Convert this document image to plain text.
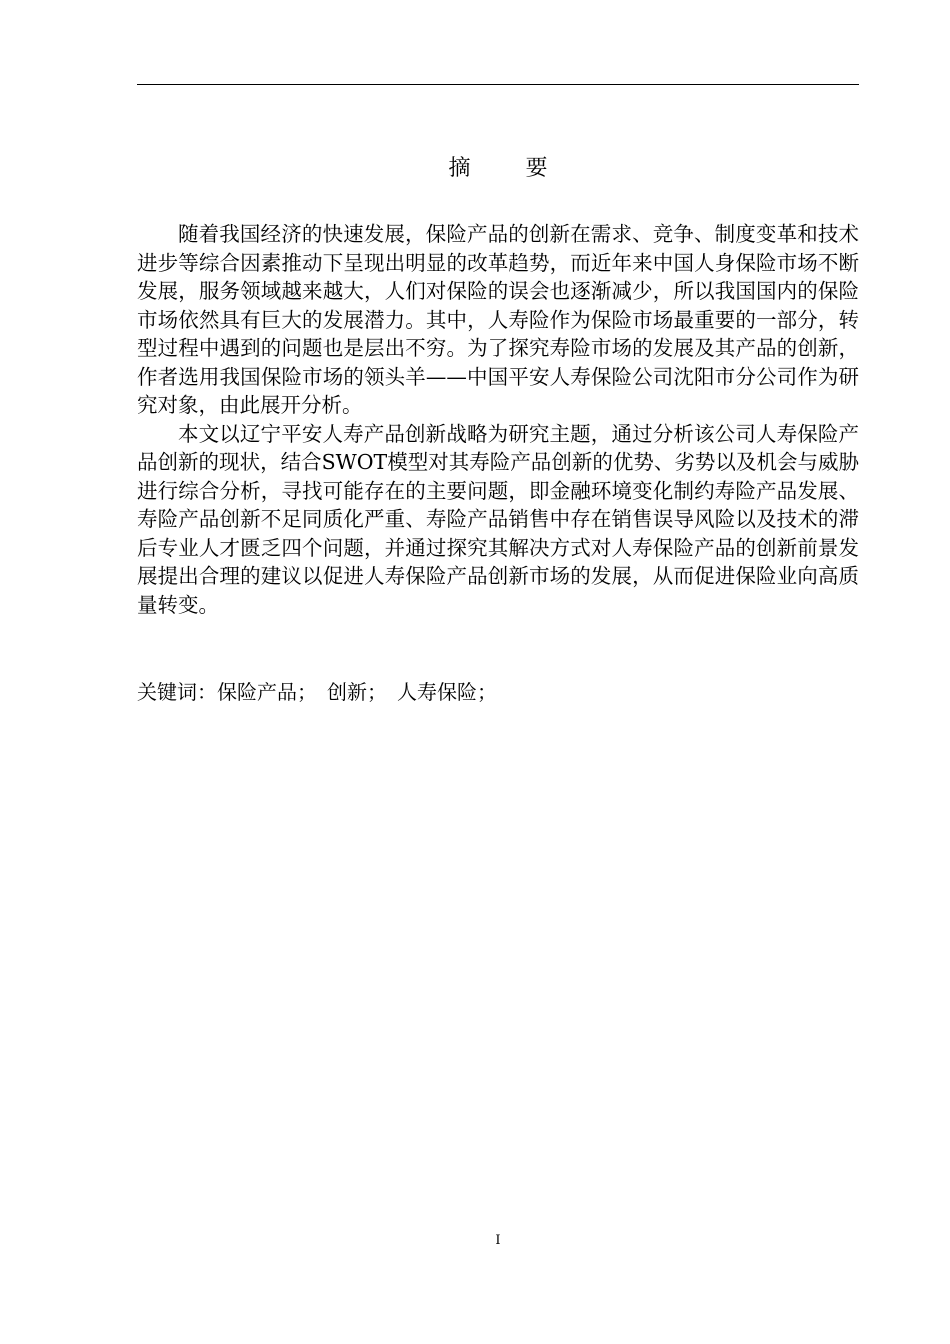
摘 要

随着我国经济的快速发展，保险产品的创新在需求、竞争、制度变革和技术进步等综合因素推动下呈现出明显的改革趋势，而近年来中国人身保险市场不断发展，服务领域越来越大，人们对保险的误会也逐渐减少，所以我国国内的保险市场依然具有巨大的发展潜力。其中，人寿险作为保险市场最重要的一部分，转型过程中遇到的问题也是层出不穷。为了探究寿险市场的发展及其产品的创新，作者选用我国保险市场的领头羊——中国平安人寿保险公司沈阳市分公司作为研究对象，由此展开分析。

本文以辽宁平安人寿产品创新战略为研究主题，通过分析该公司人寿保险产品创新的现状，结合SWOT模型对其寿险产品创新的优势、劣势以及机会与威胁进行综合分析，寻找可能存在的主要问题，即金融环境变化制约寿险产品发展、寿险产品创新不足同质化严重、寿险产品销售中存在销售误导风险以及技术的滞后专业人才匮乏四个问题，并通过探究其解决方式对人寿保险产品的创新前景发展提出合理的建议以促进人寿保险产品创新市场的发展，从而促进保险业向高质量转变。

关键词：保险产品；  创新；  人寿保险；
I
